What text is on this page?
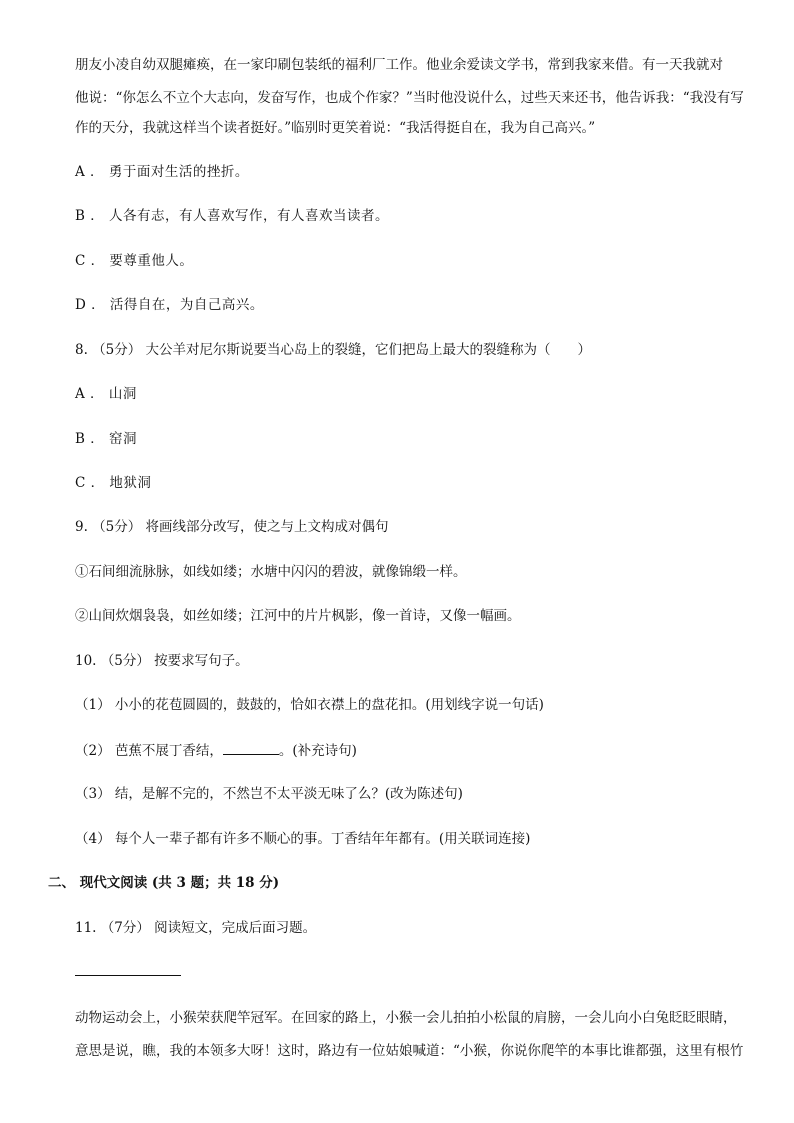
朋友小凌自幼双腿瘫痪，在一家印刷包装纸的福利厂工作。他业余爱读文学书，常到我家来借。有一天我就对
他说：“你怎么不立个大志向，发奋写作，也成个作家？”当时他没说什么，过些天来还书，他告诉我：“我没有写
作的天分，我就这样当个读者挺好。”临别时更笑着说：“我活得挺自在，我为自己高兴。”
A ． 勇于面对生活的挫折。
B ． 人各有志，有人喜欢写作，有人喜欢当读者。
C ． 要尊重他人。
D ． 活得自在，为自己高兴。
8. （5分） 大公羊对尼尔斯说要当心岛上的裂缝，它们把岛上最大的裂缝称为（　　）
A ． 山洞
B ． 窑洞
C ． 地狱洞
9. （5分） 将画线部分改写，使之与上文构成对偶句
①石间细流脉脉，如线如缕；水塘中闪闪的碧波，就像锦缎一样。
②山间炊烟袅袅，如丝如缕；江河中的片片枫影，像一首诗，又像一幅画。
10. （5分） 按要求写句子。
（1） 小小的花苞圆圆的，鼓鼓的，恰如衣襟上的盘花扣。(用划线字说一句话)
（2） 芭蕉不展丁香结，	。(补充诗句)
（3） 结，是解不完的，不然岂不太平淡无味了么？(改为陈述句)
（4） 每个人一辈子都有许多不顺心的事。丁香结年年都有。(用关联词连接)
二、 现代文阅读 (共 3 题；共 18 分)
11. （7分） 阅读短文，完成后面习题。
动物运动会上，小猴荣获爬竿冠军。在回家的路上，小猴一会儿拍拍小松鼠的肩膀，一会儿向小白兔眨眨眼睛，
意思是说，瞧，我的本领多大呀！这时，路边有一位姑娘喊道：“小猴，你说你爬竿的本事比谁都强，这里有根竹
